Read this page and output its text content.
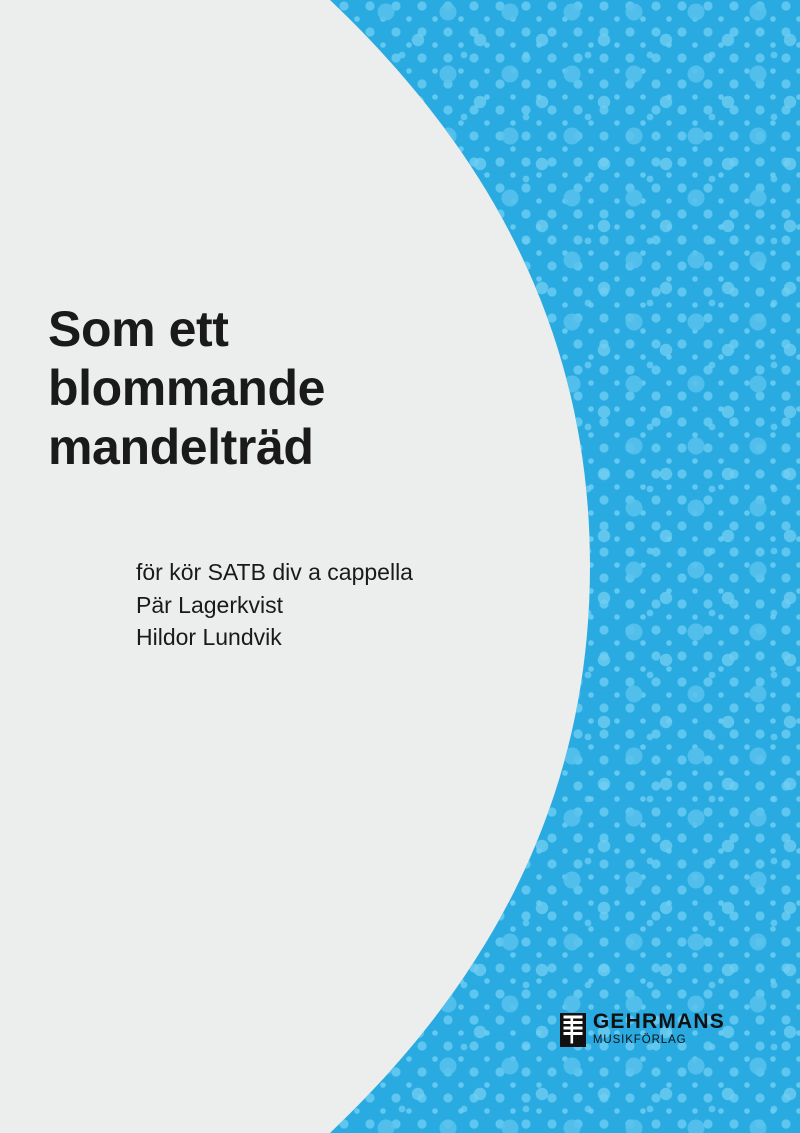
Som ett
blommande
mandelträd
för kör SATB div a cappella
Pär Lagerkvist
Hildor Lundvik
GEHRMANS
MUSIKFÖRLAG
